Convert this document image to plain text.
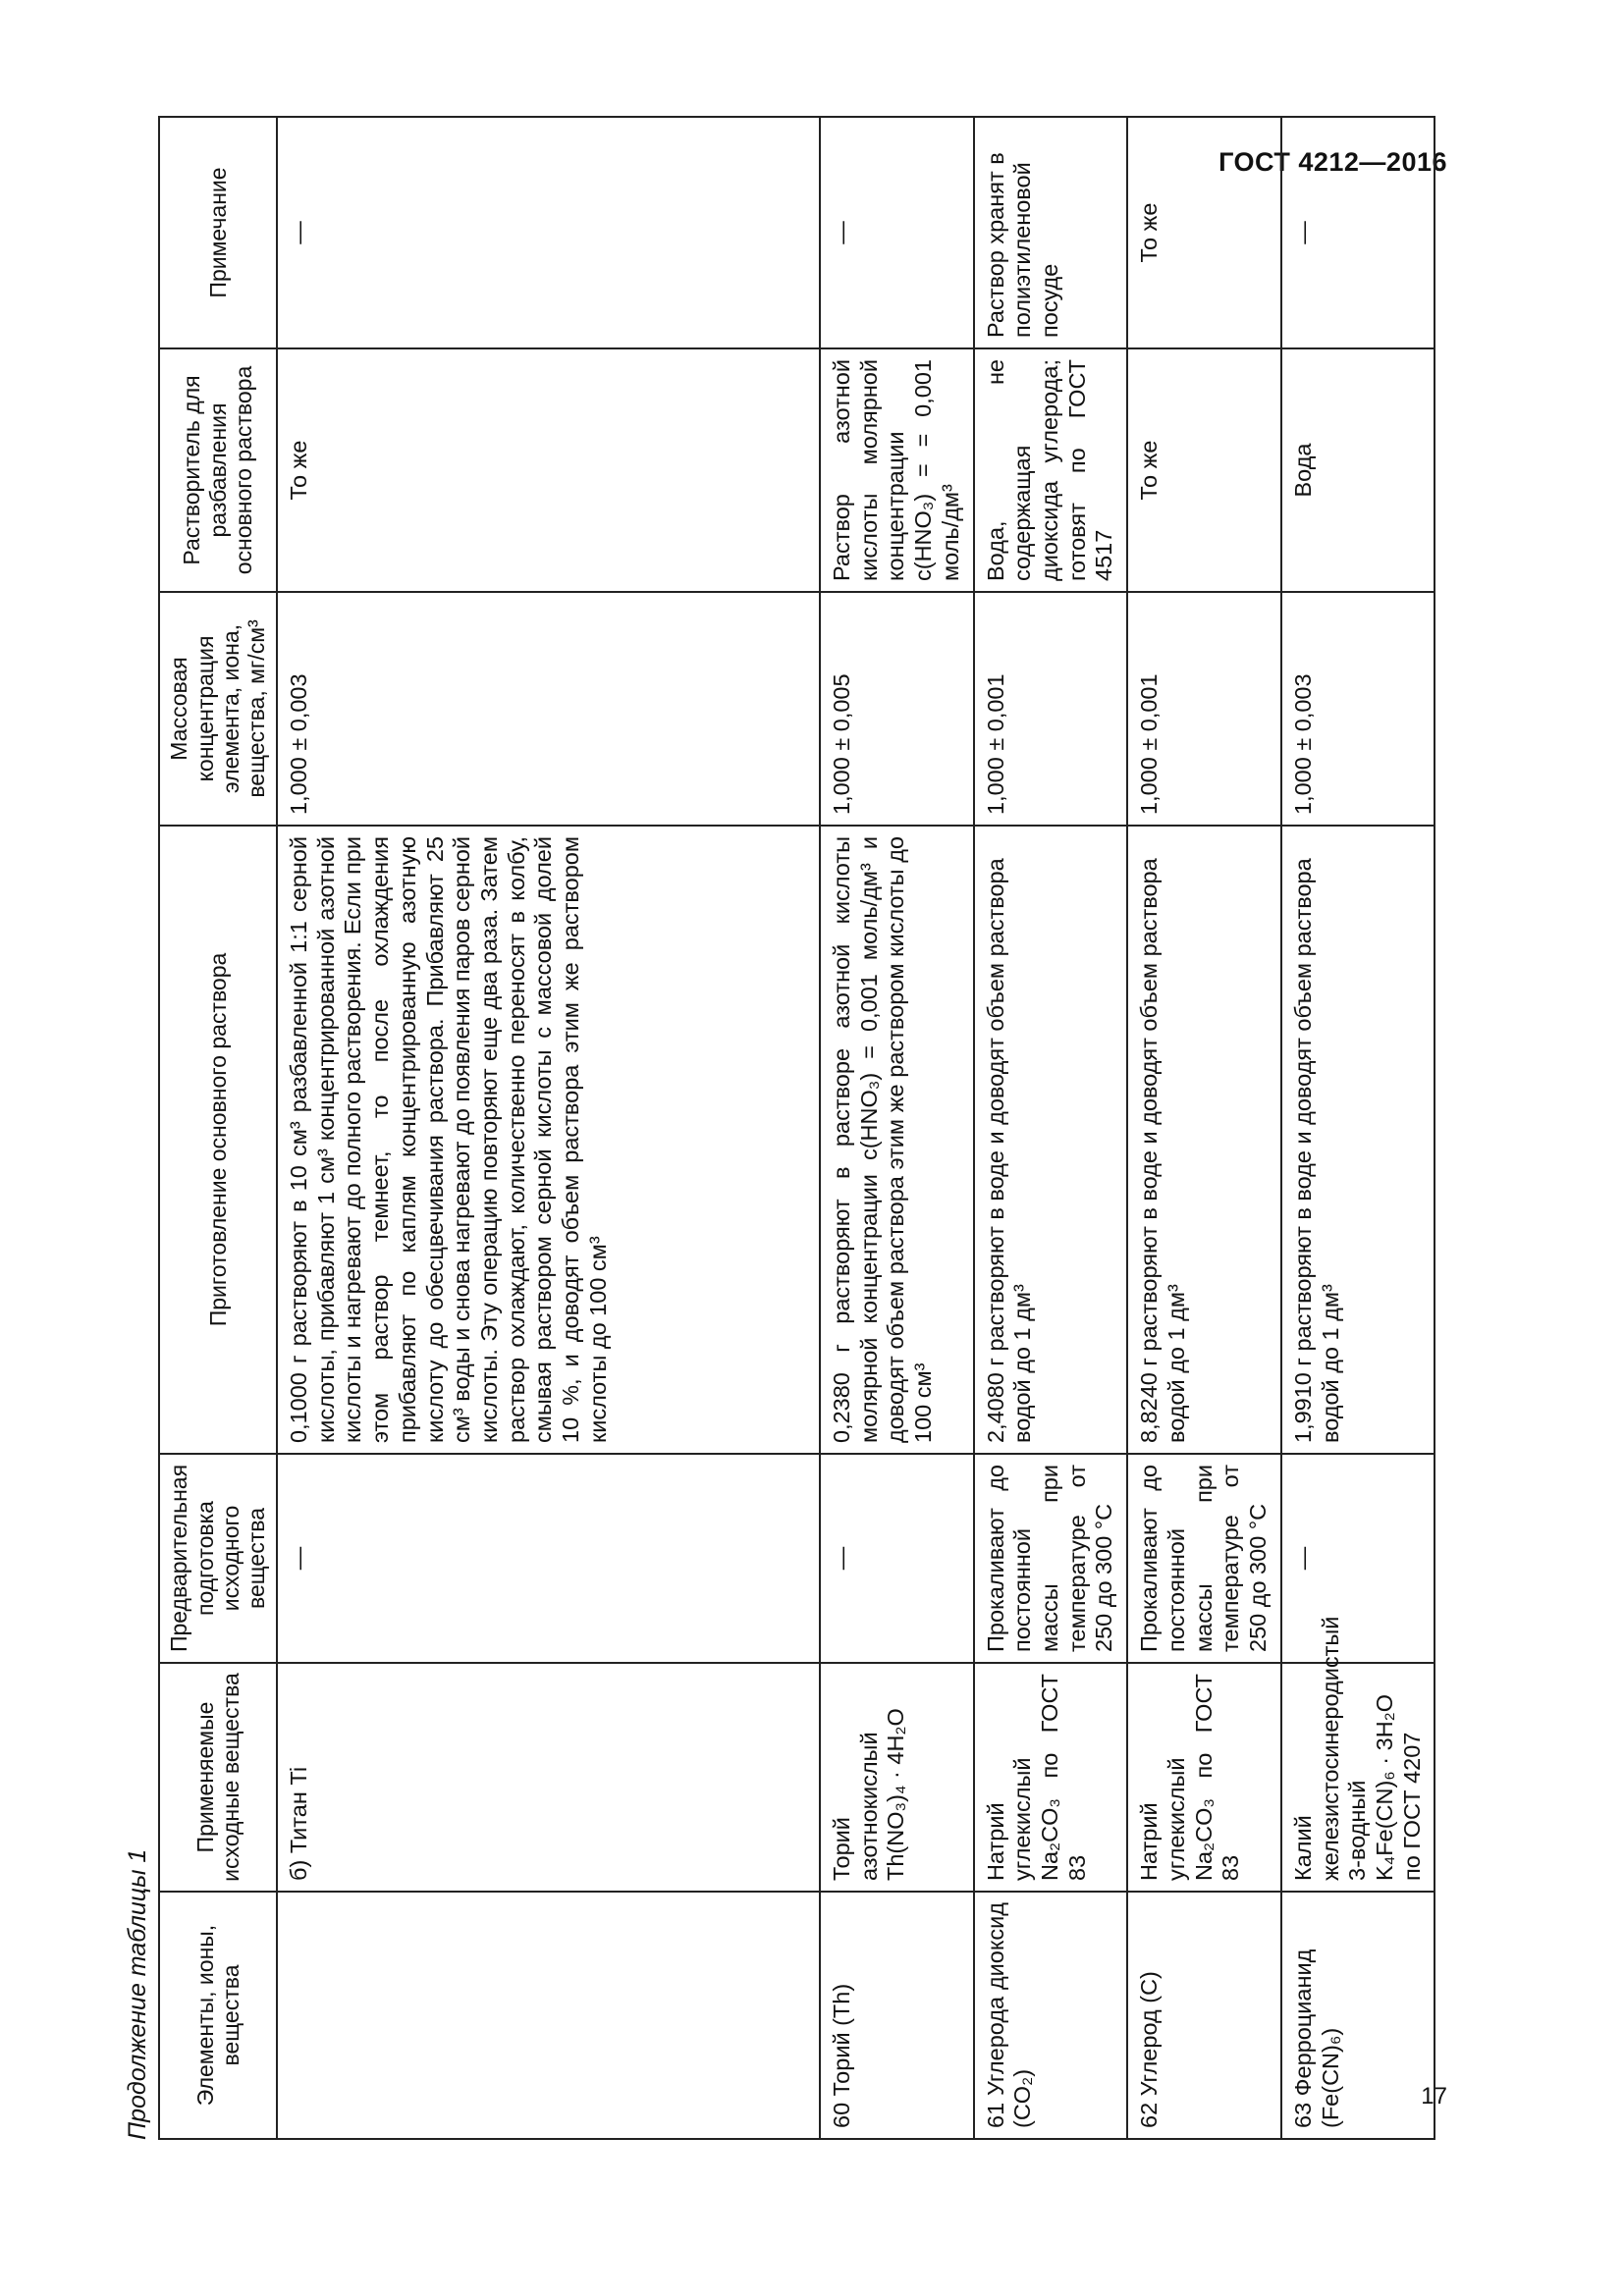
ГОСТ 4212—2016
Продолжение таблицы 1	Элементы, ионы, вещества	Применяемые исходные вещества	Предварительная подготовка исходного вещества	Приготовление основного раствора	Массовая концентрация элемента, иона, вещества, мг/см³	Растворитель для разбавления основного раствора	Примечание
	б) Титан Ti	—	0,1000 г растворяют в 10 см³ разбавленной 1:1 серной кислоты, прибавляют 1 см³ концентрированной азотной кислоты и нагревают до полного растворения. Если при этом раствор темнеет, то после охлаждения прибавляют по каплям концентрированную азотную кислоту до обесцвечивания раствора. Прибавляют 25 см³ воды и снова нагревают до появления паров серной кислоты. Эту операцию повторяют еще два раза. Затем раствор охлаждают, количественно переносят в колбу, смывая раствором серной кислоты с массовой долей 10 %, и доводят объем раствора этим же раствором кислоты до 100 см³	1,000 ± 0,003	То же	—
60 Торий (Th)	Торий азотнокислый Th(NO₃)₄ · 4H₂O	—	0,2380 г растворяют в растворе азотной кислоты молярной концентрации c(HNO₃) = 0,001 моль/дм³ и доводят объем раствора этим же раствором кислоты до 100 см³	1,000 ± 0,005	Раствор азотной кислоты молярной концентрации c(HNO₃) = = 0,001 моль/дм³	—
61 Углерода диоксид (CO₂)	Натрий углекислый Na₂CO₃ по ГОСТ 83	Прокаливают до постоянной массы при температуре от 250 до 300 °С	2,4080 г растворяют в воде и доводят объем раствора водой до 1 дм³	1,000 ± 0,001	Вода, не содержащая диоксида углерода; готовят по ГОСТ 4517	Раствор хранят в полиэтиленовой посуде
62 Углерод (С)	Натрий углекислый Na₂CO₃ по ГОСТ 83	Прокаливают до постоянной массы при температуре от 250 до 300 °С	8,8240 г растворяют в воде и доводят объем раствора водой до 1 дм³	1,000 ± 0,001	То же	То же
63 Ферроцианид (Fe(CN)₆)	Калий железистосинеродистый 3-водный K₄Fe(CN)₆ · 3H₂O по ГОСТ 4207	—	1,9910 г растворяют в воде и доводят объем раствора водой до 1 дм³	1,000 ± 0,003	Вода	—
17
